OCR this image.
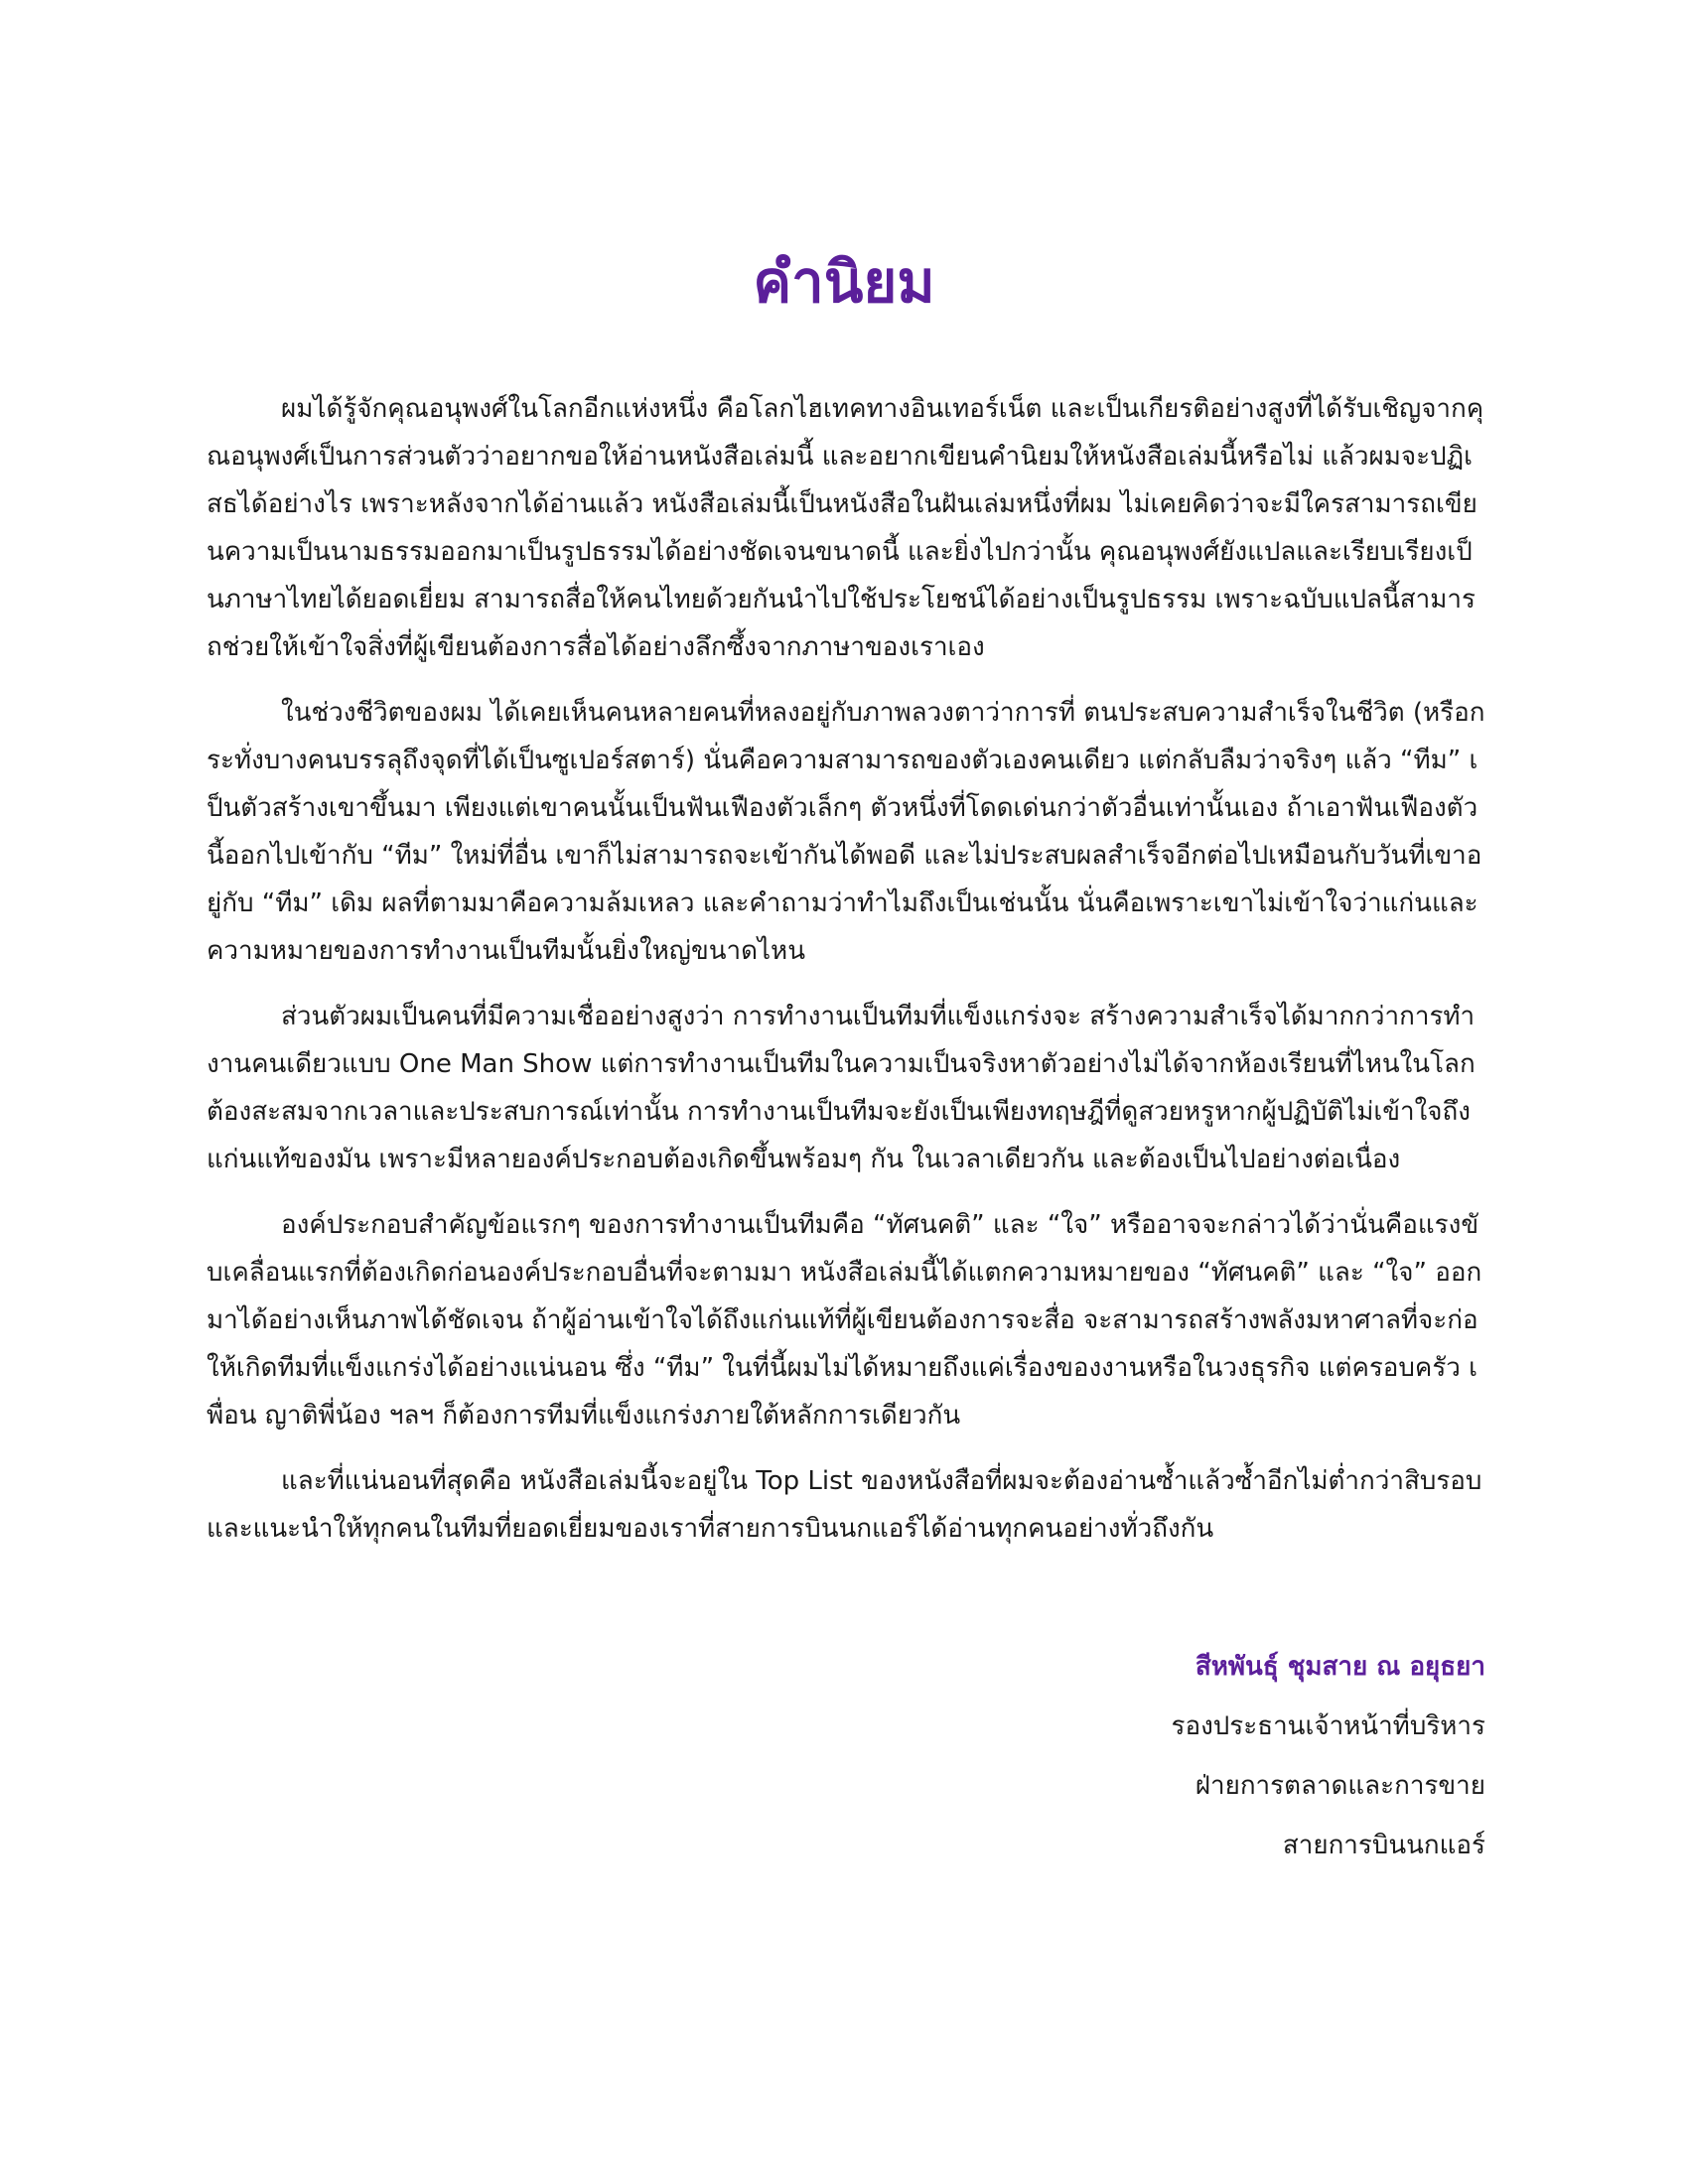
คำนิยม

ผมได้รู้จักคุณอนุพงศ์ในโลกอีกแห่งหนึ่ง คือโลกไฮเทคทางอินเทอร์เน็ต และเป็นเกียรติอย่างสูงที่ได้รับเชิญจากคุณอนุพงศ์เป็นการส่วนตัวว่าอยากขอให้อ่านหนังสือเล่มนี้ และอยากเขียนคำนิยมให้หนังสือเล่มนี้หรือไม่ แล้วผมจะปฏิเสธได้อย่างไร เพราะหลังจากได้อ่านแล้ว หนังสือเล่มนี้เป็นหนังสือในฝันเล่มหนึ่งที่ผม ไม่เคยคิดว่าจะมีใครสามารถเขียนความเป็นนามธรรมออกมาเป็นรูปธรรมได้อย่างชัดเจนขนาดนี้ และยิ่งไปกว่านั้น คุณอนุพงศ์ยังแปลและเรียบเรียงเป็นภาษาไทยได้ยอดเยี่ยม สามารถสื่อให้คนไทยด้วยกันนำไปใช้ประโยชน์ได้อย่างเป็นรูปธรรม เพราะฉบับแปลนี้สามารถช่วยให้เข้าใจสิ่งที่ผู้เขียนต้องการสื่อได้อย่างลึกซึ้งจากภาษาของเราเอง

ในช่วงชีวิตของผม ได้เคยเห็นคนหลายคนที่หลงอยู่กับภาพลวงตาว่าการที่ ตนประสบความสำเร็จในชีวิต (หรือกระทั่งบางคนบรรลุถึงจุดที่ได้เป็นซูเปอร์สตาร์) นั่นคือความสามารถของตัวเองคนเดียว แต่กลับลืมว่าจริงๆ แล้ว “ทีม” เป็นตัวสร้างเขาขึ้นมา เพียงแต่เขาคนนั้นเป็นฟันเฟืองตัวเล็กๆ ตัวหนึ่งที่โดดเด่นกว่าตัวอื่นเท่านั้นเอง ถ้าเอาฟันเฟืองตัวนี้ออกไปเข้ากับ “ทีม” ใหม่ที่อื่น เขาก็ไม่สามารถจะเข้ากันได้พอดี และไม่ประสบผลสำเร็จอีกต่อไปเหมือนกับวันที่เขาอยู่กับ “ทีม” เดิม ผลที่ตามมาคือความล้มเหลว และคำถามว่าทำไมถึงเป็นเช่นนั้น นั่นคือเพราะเขาไม่เข้าใจว่าแก่นและความหมายของการทำงานเป็นทีมนั้นยิ่งใหญ่ขนาดไหน

ส่วนตัวผมเป็นคนที่มีความเชื่ออย่างสูงว่า การทำงานเป็นทีมที่แข็งแกร่งจะ สร้างความสำเร็จได้มากกว่าการทำงานคนเดียวแบบ One Man Show แต่การทำงานเป็นทีมในความเป็นจริงหาตัวอย่างไม่ได้จากห้องเรียนที่ไหนในโลก ต้องสะสมจากเวลาและประสบการณ์เท่านั้น การทำงานเป็นทีมจะยังเป็นเพียงทฤษฎีที่ดูสวยหรูหากผู้ปฏิบัติไม่เข้าใจถึงแก่นแท้ของมัน เพราะมีหลายองค์ประกอบต้องเกิดขึ้นพร้อมๆ กัน ในเวลาเดียวกัน และต้องเป็นไปอย่างต่อเนื่อง

องค์ประกอบสำคัญข้อแรกๆ ของการทำงานเป็นทีมคือ “ทัศนคติ” และ “ใจ” หรืออาจจะกล่าวได้ว่านั่นคือแรงขับเคลื่อนแรกที่ต้องเกิดก่อนองค์ประกอบอื่นที่จะตามมา หนังสือเล่มนี้ได้แตกความหมายของ “ทัศนคติ” และ “ใจ” ออกมาได้อย่างเห็นภาพได้ชัดเจน ถ้าผู้อ่านเข้าใจได้ถึงแก่นแท้ที่ผู้เขียนต้องการจะสื่อ จะสามารถสร้างพลังมหาศาลที่จะก่อให้เกิดทีมที่แข็งแกร่งได้อย่างแน่นอน ซึ่ง “ทีม” ในที่นี้ผมไม่ได้หมายถึงแค่เรื่องของงานหรือในวงธุรกิจ แต่ครอบครัว เพื่อน ญาติพี่น้อง ฯลฯ ก็ต้องการทีมที่แข็งแกร่งภายใต้หลักการเดียวกัน

และที่แน่นอนที่สุดคือ หนังสือเล่มนี้จะอยู่ใน Top List ของหนังสือที่ผมจะต้องอ่านซ้ำแล้วซ้ำอีกไม่ต่ำกว่าสิบรอบ และแนะนำให้ทุกคนในทีมที่ยอดเยี่ยมของเราที่สายการบินนกแอร์ได้อ่านทุกคนอย่างทั่วถึงกัน

สีหพันธุ์ ชุมสาย ณ อยุธยา
รองประธานเจ้าหน้าที่บริหาร
ฝ่ายการตลาดและการขาย
สายการบินนกแอร์
